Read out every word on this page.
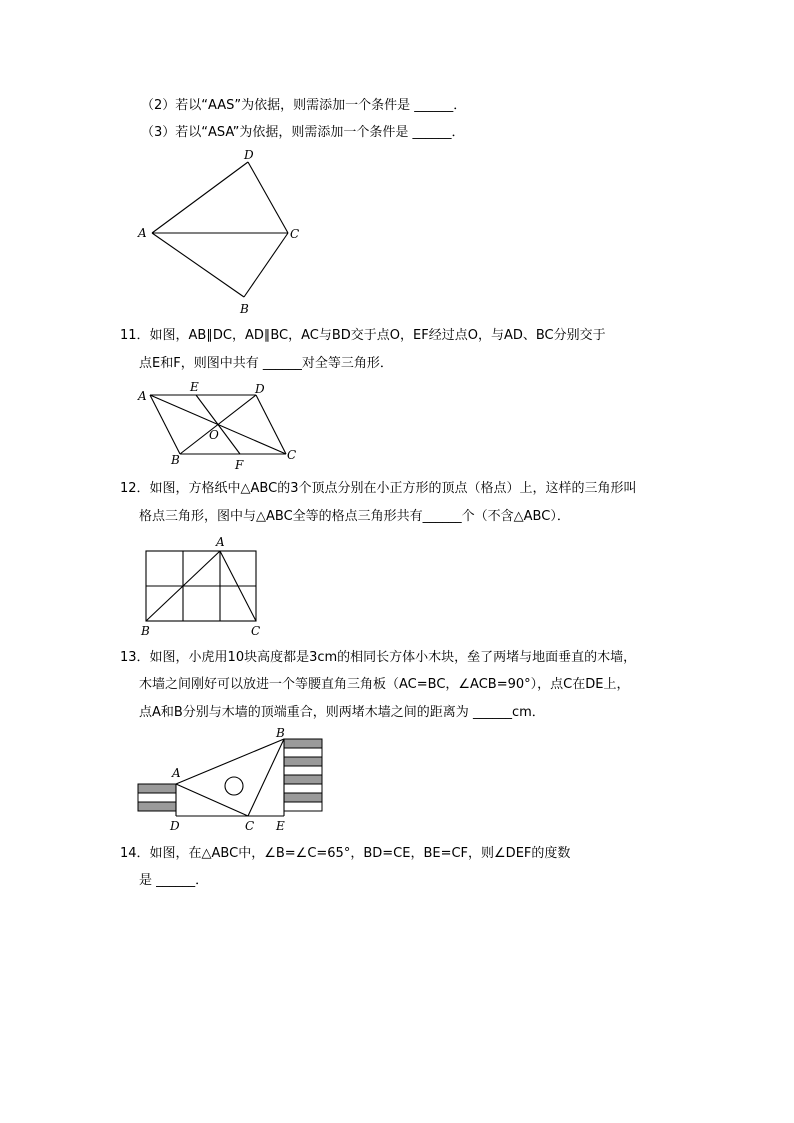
（2）若以“AAS”为依据，则需添加一个条件是 ______．
（3）若以“ASA”为依据，则需添加一个条件是 ______．
D
A	C
B
11．如图，AB∥DC，AD∥BC，AC与BD交于点O，EF经过点O，与AD、BC分别交于
点E和F，则图中共有 ______对全等三角形．
A
E	D
O
B	F
C
12．如图，方格纸中△ABC的3个顶点分别在小正方形的顶点（格点）上，这样的三角形叫
格点三角形，图中与△ABC全等的格点三角形共有______个（不含△ABC）．
A
B	C
13．如图，小虎用10块高度都是3cm的相同长方体小木块，垒了两堵与地面垂直的木墙，
木墙之间刚好可以放进一个等腰直角三角板（AC=BC，∠ACB=90°），点C在DE上，
点A和B分别与木墙的顶端重合，则两堵木墙之间的距离为 ______cm．
A
B
D	C E
14．如图，在△ABC中，∠B=∠C=65°，BD=CE，BE=CF，则∠DEF的度数
是 ______．
